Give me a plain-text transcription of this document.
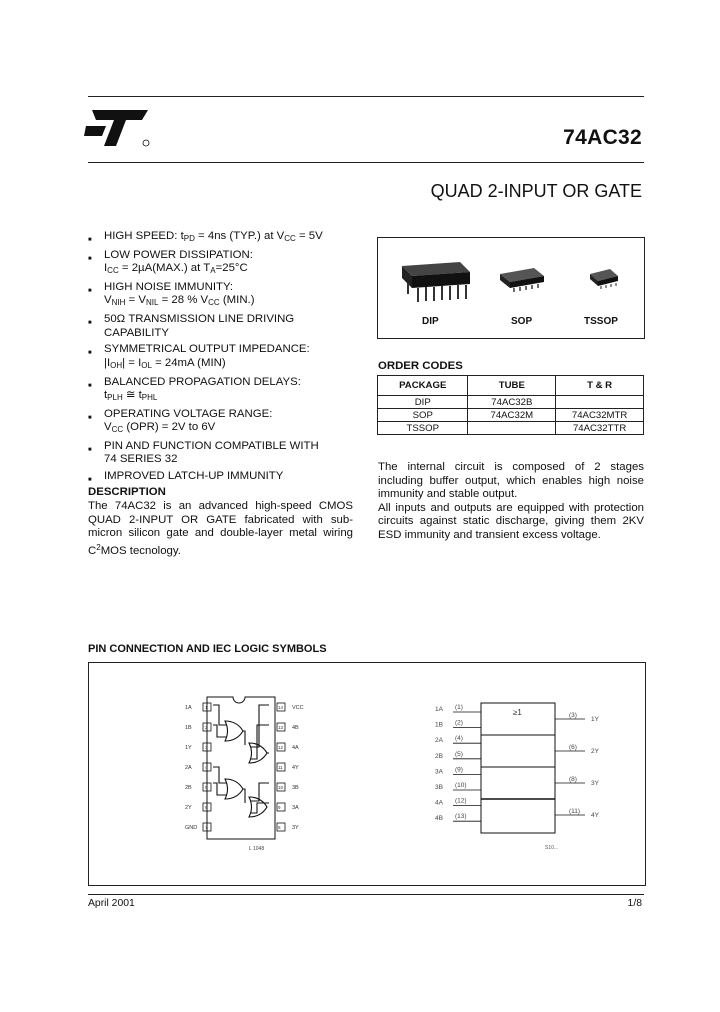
74AC32
QUAD 2-INPUT OR GATE
■ HIGH SPEED: $t_{PD} = 4ns$ (TYP.) at $V_{CC} = 5V$
■ LOW POWER DISSIPATION:
$I_{CC} = 2\mu A(MAX.)$ at $T_A=25^\circ C$
■ HIGH NOISE IMMUNITY:
$V_{NIH} = V_{NIL} = 28$ % $V_{CC}$ (MIN.)
■ 50Ω TRANSMISSION LINE DRIVING
CAPABILITY
■ SYMMETRICAL OUTPUT IMPEDANCE:
$|I_{OH}| = I_{OL} = 24mA$ (MIN)
■ BALANCED PROPAGATION DELAYS:
$t_{PLH}$ ≅ $t_{PHL}$
■ OPERATING VOLTAGE RANGE:
$V_{CC}$ (OPR) = 2V to 6V
■ PIN AND FUNCTION COMPATIBLE WITH
74 SERIES 32
■ IMPROVED LATCH-UP IMMUNITY
DESCRIPTION
The 74AC32 is an advanced high-speed CMOS QUAD 2-INPUT OR GATE fabricated with sub-micron silicon gate and double-layer metal wiring $C^2MOS$ tecnology.
DIP	SOP	TSSOP
ORDER CODES
PACKAGE	TUBE	T & R
DIP	74AC32B	
SOP	74AC32M	74AC32MTR
TSSOP		74AC32TTR
The internal circuit is composed of 2 stages including buffer output, which enables high noise immunity and stable output.
All inputs and outputs are equipped with protection circuits against static discharge, giving them 2KV ESD immunity and transient excess voltage.
PIN CONNECTION AND IEC LOGIC SYMBOLS
1A	1
1B	2
1Y	3
2A	4
2B	5
2Y	6
GND 7
14 VCC
13 4B
12 4A
11 4Y
10 3B
9 3A
8 3Y
L 1048
≥1
1A (1)
1B (2)
2A (4)
2B (5)
3A (9)
3B (10)
4A (12)
4B (13)
(3)
1Y
(6)
2Y
(8)
3Y
(11)
4Y
S10...
April 2001	1/8
